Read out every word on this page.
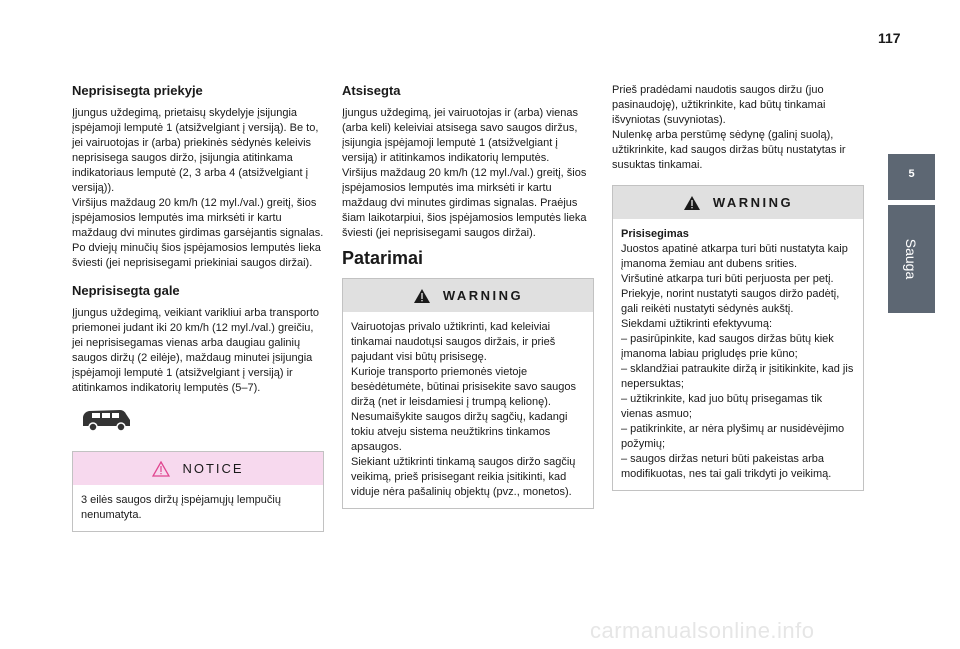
117
5
Sauga
Neprisisegta priekyje

Įjungus uždegimą, prietaisų skydelyje įsijungia įspėjamoji lemputė 1 (atsižvelgiant į versiją). Be to, jei vairuotojas ir (arba) priekinės sėdynės keleivis neprisisega saugos diržo, įsijungia atitinkama indikatoriaus lemputė (2, 3 arba 4 (atsižvelgiant į versiją)).
Viršijus maždaug 20 km/h (12 myl./val.) greitį, šios įspėjamosios lemputės ima mirksėti ir kartu maždaug dvi minutes girdimas garsėjantis signalas. Po dviejų minučių šios įspėjamosios lemputės lieka šviesti (jei neprisisegami priekiniai saugos diržai).

Neprisisegta gale

Įjungus uždegimą, veikiant varikliui arba transporto priemonei judant iki 20 km/h (12 myl./val.) greičiu, jei neprisisegamas vienas arba daugiau galinių saugos diržų (2 eilėje), maždaug minutei įsijungia įspėjamoji lemputė 1 (atsižvelgiant į versiją) ir atitinkamos indikatorių lemputės (5–7).

NOTICE
3 eilės saugos diržų įspėjamųjų lempučių nenumatyta.
Atsisegta

Įjungus uždegimą, jei vairuotojas ir (arba) vienas (arba keli) keleiviai atsisega savo saugos diržus, įsijungia įspėjamoji lemputė 1 (atsižvelgiant į versiją) ir atitinkamos indikatorių lemputės.
Viršijus maždaug 20 km/h (12 myl./val.) greitį, šios įspėjamosios lemputės ima mirksėti ir kartu maždaug dvi minutes girdimas signalas. Praėjus šiam laikotarpiui, šios įspėjamosios lemputės lieka šviesti (jei neprisisegami saugos diržai).

Patarimai
WARNING
Vairuotojas privalo užtikrinti, kad keleiviai tinkamai naudotųsi saugos diržais, ir prieš pajudant visi būtų prisisegę.
Kurioje transporto priemonės vietoje besėdėtumėte, būtinai prisisekite savo saugos diržą (net ir leisdamiesi į trumpą kelionę).
Nesumaišykite saugos diržų sagčių, kadangi tokiu atveju sistema neužtikrins tinkamos apsaugos.
Siekiant užtikrinti tinkamą saugos diržo sagčių veikimą, prieš prisisegant reikia įsitikinti, kad viduje nėra pašalinių objektų (pvz., monetos).

Prieš pradėdami naudotis saugos diržu (juo pasinaudoję), užtikrinkite, kad būtų tinkamai išvyniotas (suvyniotas).
Nulenkę arba perstūmę sėdynę (galinį suolą), užtikrinkite, kad saugos diržas būtų nustatytas ir susuktas tinkamai.

WARNING
Prisisegimas
Juostos apatinė atkarpa turi būti nustatyta kaip įmanoma žemiau ant dubens srities.
Viršutinė atkarpa turi būti perjuosta per petį.
Priekyje, norint nustatyti saugos diržo padėtį, gali reikėti nustatyti sėdynės aukštį.
Siekdami užtikrinti efektyvumą:
– pasirūpinkite, kad saugos diržas būtų kiek įmanoma labiau prigludęs prie kūno;
– sklandžiai patraukite diržą ir įsitikinkite, kad jis nepersuktas;
– užtikrinkite, kad juo būtų prisegamas tik vienas asmuo;
– patikrinkite, ar nėra plyšimų ar nusidėvėjimo požymių;
– saugos diržas neturi būti pakeistas arba modifikuotas, nes tai gali trikdyti jo veikimą.
carmanualsonline.info
